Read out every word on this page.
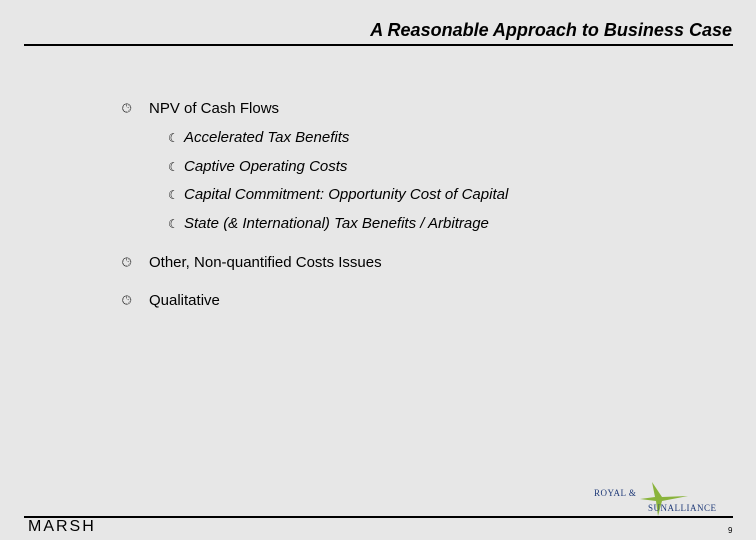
A Reasonable Approach to Business Case
🕒︎	NPV of Cash Flows
☾ Accelerated Tax Benefits
☾ Captive Operating Costs
☾ Capital Commitment: Opportunity Cost of Capital
☾ State (& International) Tax Benefits / Arbitrage
🕒︎	Other, Non-quantified Costs Issues
🕒︎	Qualitative
ROYAL &
SUNALLIANCE
MARSH	9
